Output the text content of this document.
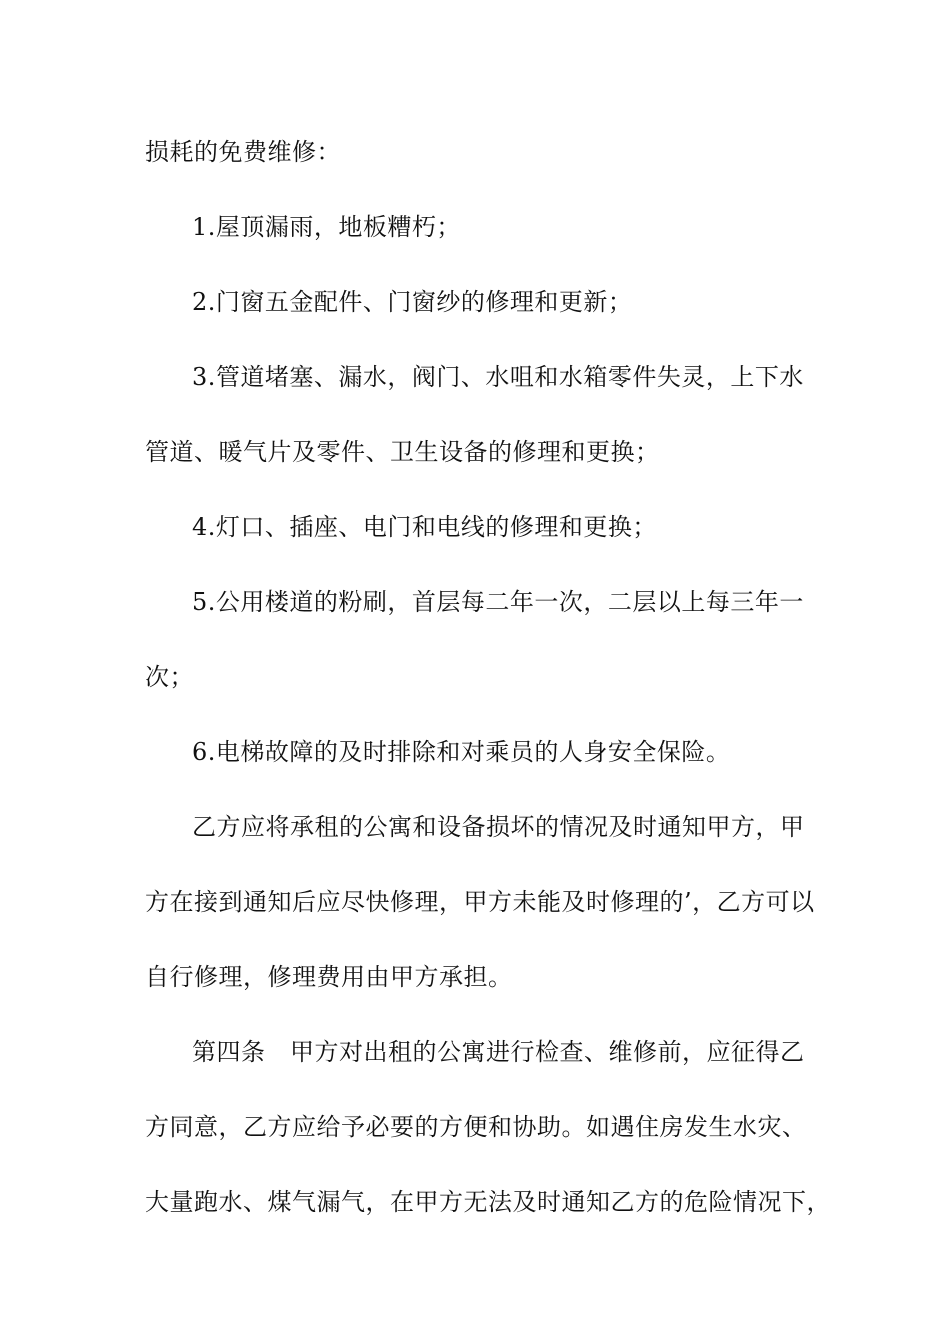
损耗的免费维修：
1.屋顶漏雨，地板糟朽；
2.门窗五金配件、门窗纱的修理和更新；
3.管道堵塞、漏水，阀门、水咀和水箱零件失灵，上下水
管道、暖气片及零件、卫生设备的修理和更换；
4.灯口、插座、电门和电线的修理和更换；
5.公用楼道的粉刷，首层每二年一次，二层以上每三年一
次；
6.电梯故障的及时排除和对乘员的人身安全保险。
乙方应将承租的公寓和设备损坏的情况及时通知甲方，甲
方在接到通知后应尽快修理，甲方未能及时修理的’，乙方可以
自行修理，修理费用由甲方承担。
第四条　甲方对出租的公寓进行检查、维修前，应征得乙
方同意，乙方应给予必要的方便和协助。如遇住房发生水灾、
大量跑水、煤气漏气，在甲方无法及时通知乙方的危险情况下，
